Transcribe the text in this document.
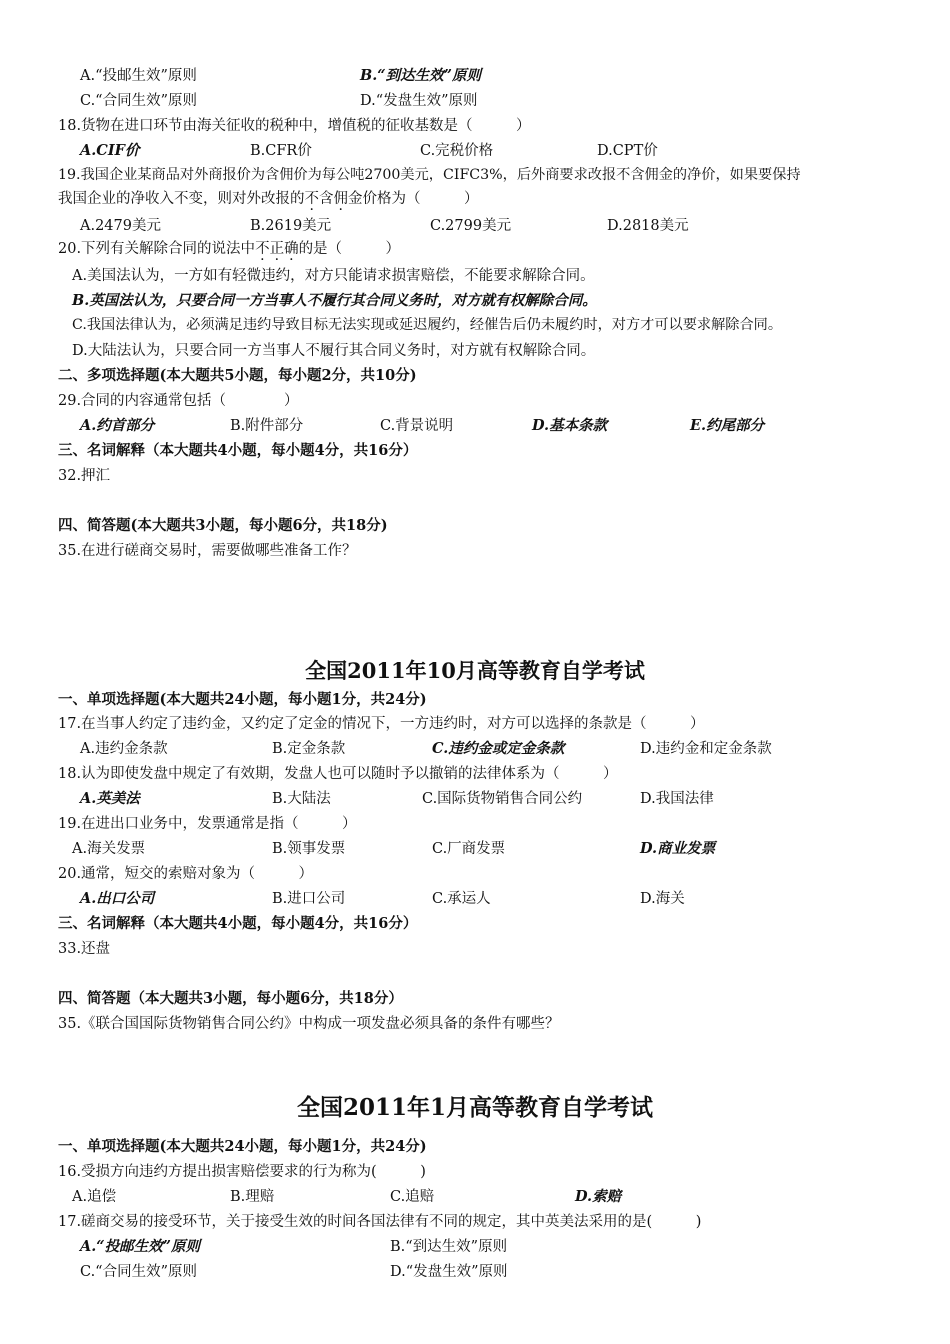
A.“投邮生效”原则	B.“到达生效”原则
C.“合同生效”原则	D.“发盘生效”原则
18.货物在进口环节由海关征收的税种中，增值税的征收基数是（　　　）
A.CIF价	B.CFR价	C.完税价格	D.CPT价
19.我国企业某商品对外商报价为含佣价为每公吨2700美元，CIFC3%，后外商要求改报不含佣金的净价，如果要保持
我国企业的净收入不变，则对外改报的不含佣金价格为（　　　）
A.2479美元	B.2619美元	C.2799美元	D.2818美元
20.下列有关解除合同的说法中不正确的是（　　　）
A.美国法认为，一方如有轻微违约，对方只能请求损害赔偿，不能要求解除合同。
B.英国法认为，只要合同一方当事人不履行其合同义务时，对方就有权解除合同。
C.我国法律认为，必须满足违约导致目标无法实现或延迟履约，经催告后仍未履约时，对方才可以要求解除合同。
D.大陆法认为，只要合同一方当事人不履行其合同义务时，对方就有权解除合同。
二、多项选择题(本大题共5小题，每小题2分，共10分)
29.合同的内容通常包括（　　　　）
A.约首部分	B.附件部分	C.背景说明	D.基本条款	E.约尾部分
三、名词解释（本大题共4小题，每小题4分，共16分）
32.押汇
四、简答题(本大题共3小题，每小题6分，共18分)
35.在进行磋商交易时，需要做哪些准备工作？
全国2011年10月高等教育自学考试
一、单项选择题(本大题共24小题，每小题1分，共24分)
17.在当事人约定了违约金，又约定了定金的情况下，一方违约时，对方可以选择的条款是（　　　）
A.违约金条款	B.定金条款	C.违约金或定金条款	D.违约金和定金条款
18.认为即使发盘中规定了有效期，发盘人也可以随时予以撤销的法律体系为（　　　）
A.英美法	B.大陆法	C.国际货物销售合同公约	D.我国法律
19.在进出口业务中，发票通常是指（　　　）
A.海关发票	B.领事发票	C.厂商发票	D.商业发票
20.通常，短交的索赔对象为（　　　）
A.出口公司	B.进口公司	C.承运人	D.海关
三、名词解释（本大题共4小题，每小题4分，共16分）
33.还盘
四、简答题（本大题共3小题，每小题6分，共18分）
35.《联合国国际货物销售合同公约》中构成一项发盘必须具备的条件有哪些？
全国2011年1月高等教育自学考试
一、单项选择题(本大题共24小题，每小题1分，共24分)
16.受损方向违约方提出损害赔偿要求的行为称为(　　　)
A.追偿	B.理赔	C.追赔	D.索赔
17.磋商交易的接受环节，关于接受生效的时间各国法律有不同的规定，其中英美法采用的是(　　　)
A.“投邮生效”原则	B.“到达生效”原则
C.“合同生效”原则	D.“发盘生效”原则
